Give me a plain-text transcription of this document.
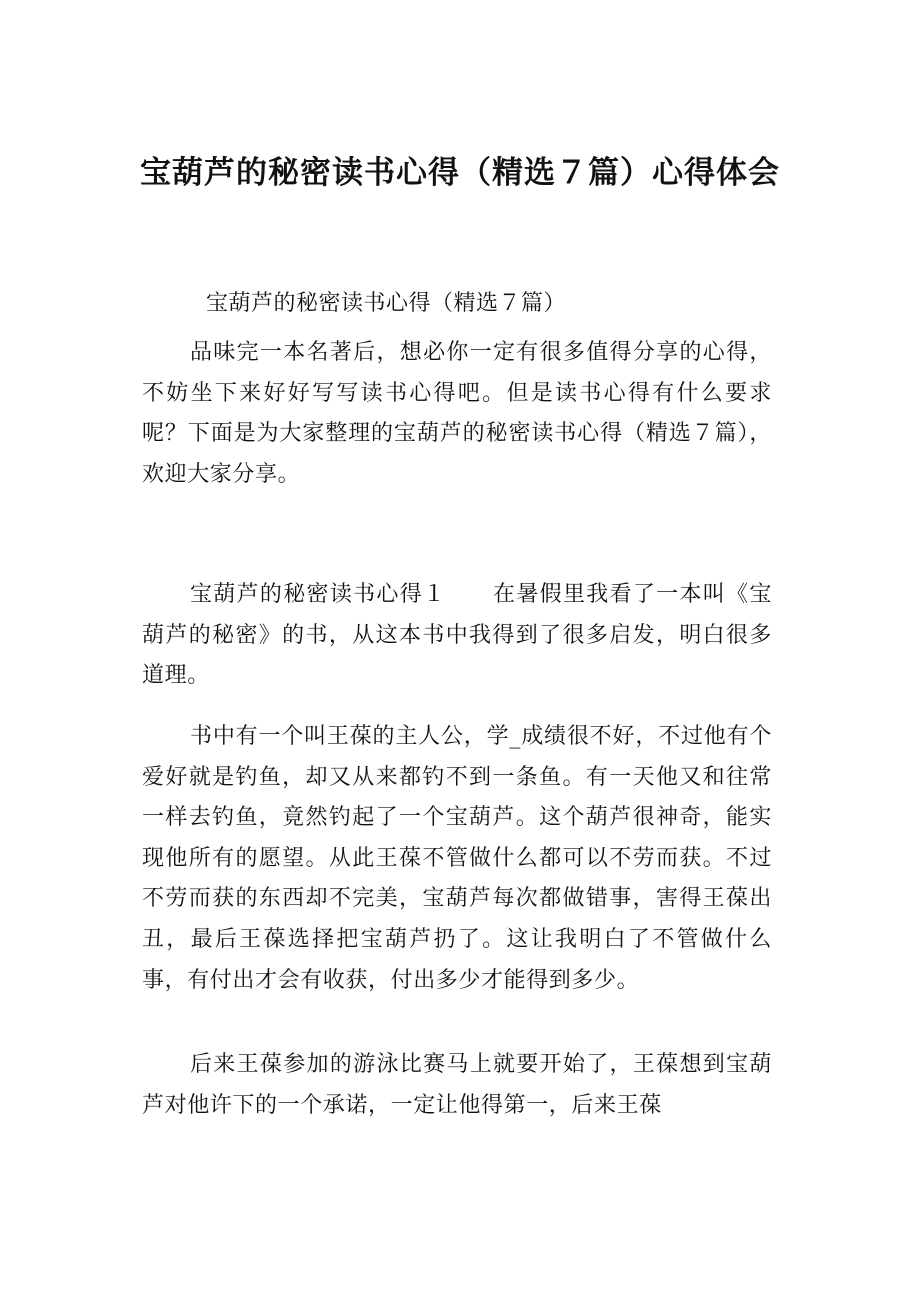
宝葫芦的秘密读书心得（精选７篇）心得体会

宝葫芦的秘密读书心得（精选７篇）

品味完一本名著后，想必你一定有很多值得分享的心得，不妨坐下来好好写写读书心得吧。但是读书心得有什么要求呢？下面是为大家整理的宝葫芦的秘密读书心得（精选７篇），欢迎大家分享。

宝葫芦的秘密读书心得１ 在暑假里我看了一本叫《宝葫芦的秘密》的书，从这本书中我得到了很多启发，明白很多道理。

书中有一个叫王葆的主人公，学_成绩很不好，不过他有个爱好就是钓鱼，却又从来都钓不到一条鱼。有一天他又和往常一样去钓鱼，竟然钓起了一个宝葫芦。这个葫芦很神奇，能实现他所有的愿望。从此王葆不管做什么都可以不劳而获。不过不劳而获的东西却不完美，宝葫芦每次都做错事，害得王葆出丑，最后王葆选择把宝葫芦扔了。这让我明白了不管做什么事，有付出才会有收获，付出多少才能得到多少。

后来王葆参加的游泳比赛马上就要开始了，王葆想到宝葫芦对他许下的一个承诺，一定让他得第一，后来王葆
